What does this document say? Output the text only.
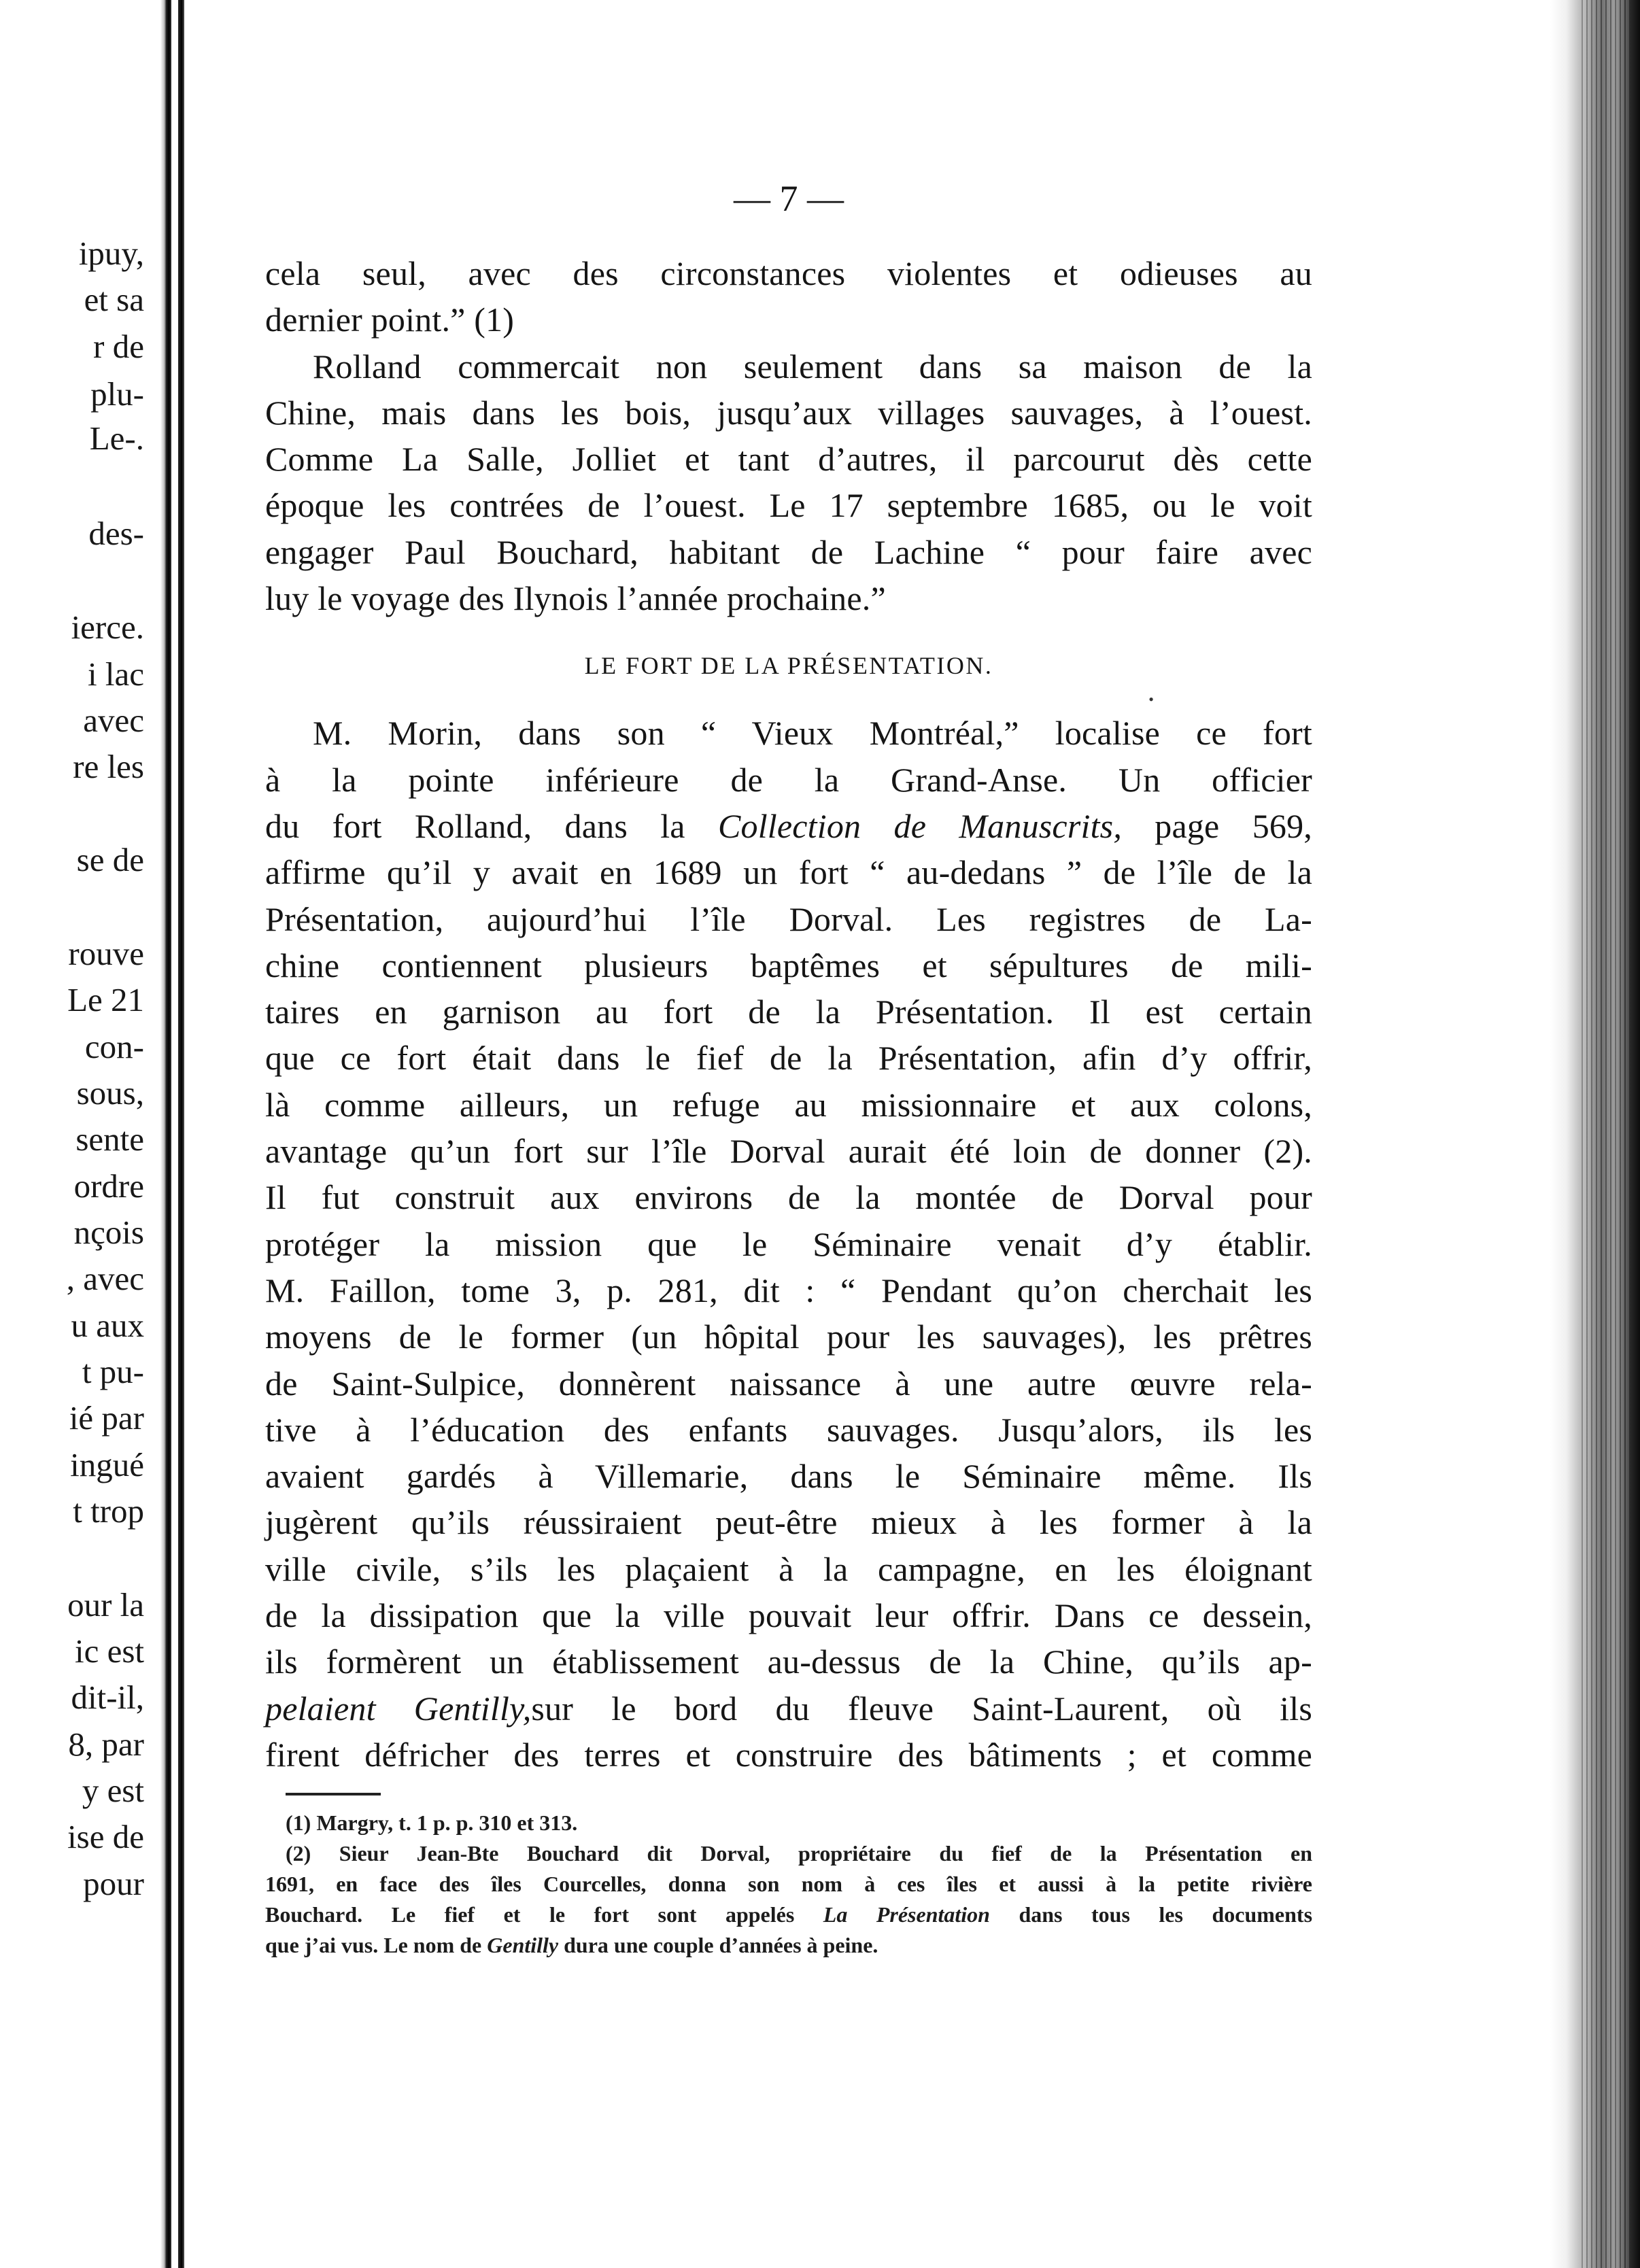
ipuy,
et sa
r de
plu-
Le-.
des-
ierce.
i lac
avec
re les
se de
rouve
Le 21
con-
sous,
sente
ordre
nçois
, avec
u aux
t pu-
ié par
ingué
t trop
our la
ic est
dit-il,
8, par
y est
ise de
pour
— 7 —
cela seul, avec des circonstances violentes et odieuses au
dernier point.” (1)
Rolland commercait non seulement dans sa maison de la
Chine, mais dans les bois, jusqu’aux villages sauvages, à l’ouest.
Comme La Salle, Jolliet et tant d’autres, il parcourut dès cette
époque les contrées de l’ouest. Le 17 septembre 1685, ou le voit
engager Paul Bouchard, habitant de Lachine “ pour faire avec
luy le voyage des Ilynois l’année prochaine.”
LE FORT DE LA PRÉSENTATION.
•
M. Morin, dans son “ Vieux Montréal,” localise ce fort
à la pointe inférieure de la Grand-Anse. Un officier
du fort Rolland, dans la Collection de Manuscrits, page 569,
affirme qu’il y avait en 1689 un fort “ au-dedans ” de l’île de la
Présentation, aujourd’hui l’île Dorval. Les registres de La-
chine contiennent plusieurs baptêmes et sépultures de mili-
taires en garnison au fort de la Présentation. Il est certain
que ce fort était dans le fief de la Présentation, afin d’y offrir,
là comme ailleurs, un refuge au missionnaire et aux colons,
avantage qu’un fort sur l’île Dorval aurait été loin de donner (2).
Il fut construit aux environs de la montée de Dorval pour
protéger la mission que le Séminaire venait d’y établir.
M. Faillon, tome 3, p. 281, dit : “ Pendant qu’on cherchait les
moyens de le former (un hôpital pour les sauvages), les prêtres
de Saint-Sulpice, donnèrent naissance à une autre œuvre rela-
tive à l’éducation des enfants sauvages. Jusqu’alors, ils les
avaient gardés à Villemarie, dans le Séminaire même. Ils
jugèrent qu’ils réussiraient peut-être mieux à les former à la
ville civile, s’ils les plaçaient à la campagne, en les éloignant
de la dissipation que la ville pouvait leur offrir. Dans ce dessein,
ils formèrent un établissement au-dessus de la Chine, qu’ils ap-
pelaient Gentilly,sur le bord du fleuve Saint-Laurent, où ils
firent défricher des terres et construire des bâtiments ; et comme
(1) Margry, t. 1 p. p. 310 et 313.
(2) Sieur Jean-Bte Bouchard dit Dorval, propriétaire du fief de la Présentation en
1691, en face des îles Courcelles, donna son nom à ces îles et aussi à la petite rivière
Bouchard. Le fief et le fort sont appelés La Présentation dans tous les documents
que j’ai vus. Le nom de Gentilly dura une couple d’années à peine.
